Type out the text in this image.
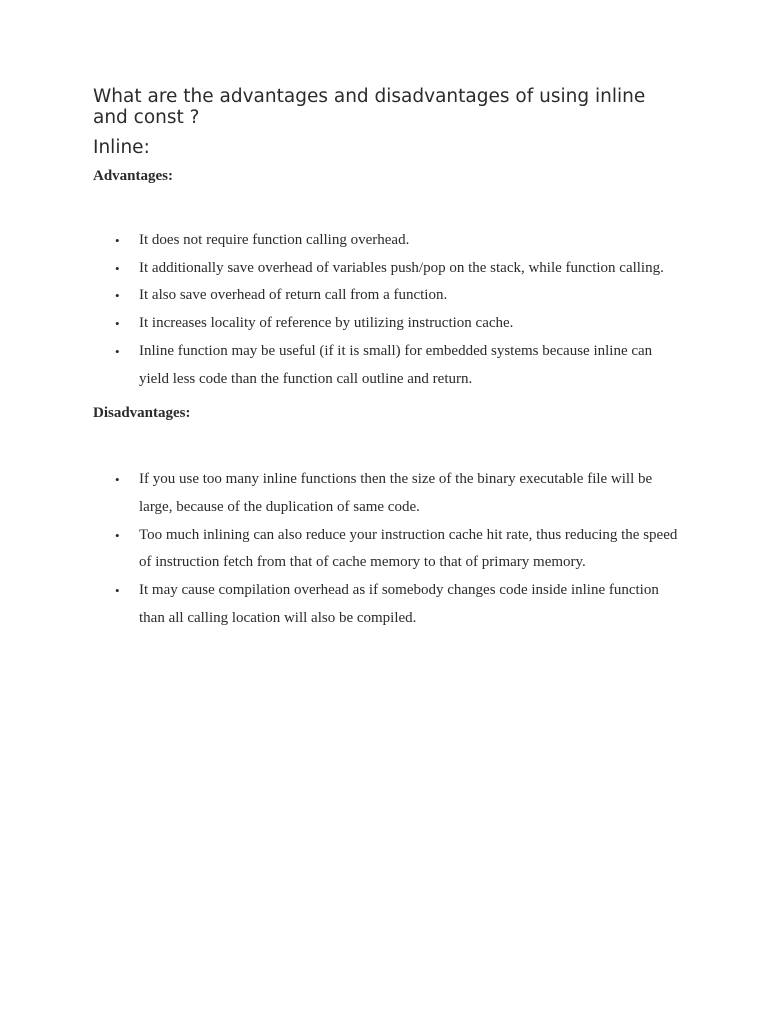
What are the advantages and disadvantages of using inline and const ?
Inline:
Advantages:
• It does not require function calling overhead.
• It additionally save overhead of variables push/pop on the stack, while function calling.
• It also save overhead of return call from a function.
• It increases locality of reference by utilizing instruction cache.
• Inline function may be useful (if it is small) for embedded systems because inline can yield less code than the function call outline and return.
Disadvantages:
• If you use too many inline functions then the size of the binary executable file will be large, because of the duplication of same code.
• Too much inlining can also reduce your instruction cache hit rate, thus reducing the speed of instruction fetch from that of cache memory to that of primary memory.
• It may cause compilation overhead as if somebody changes code inside inline function than all calling location will also be compiled.
